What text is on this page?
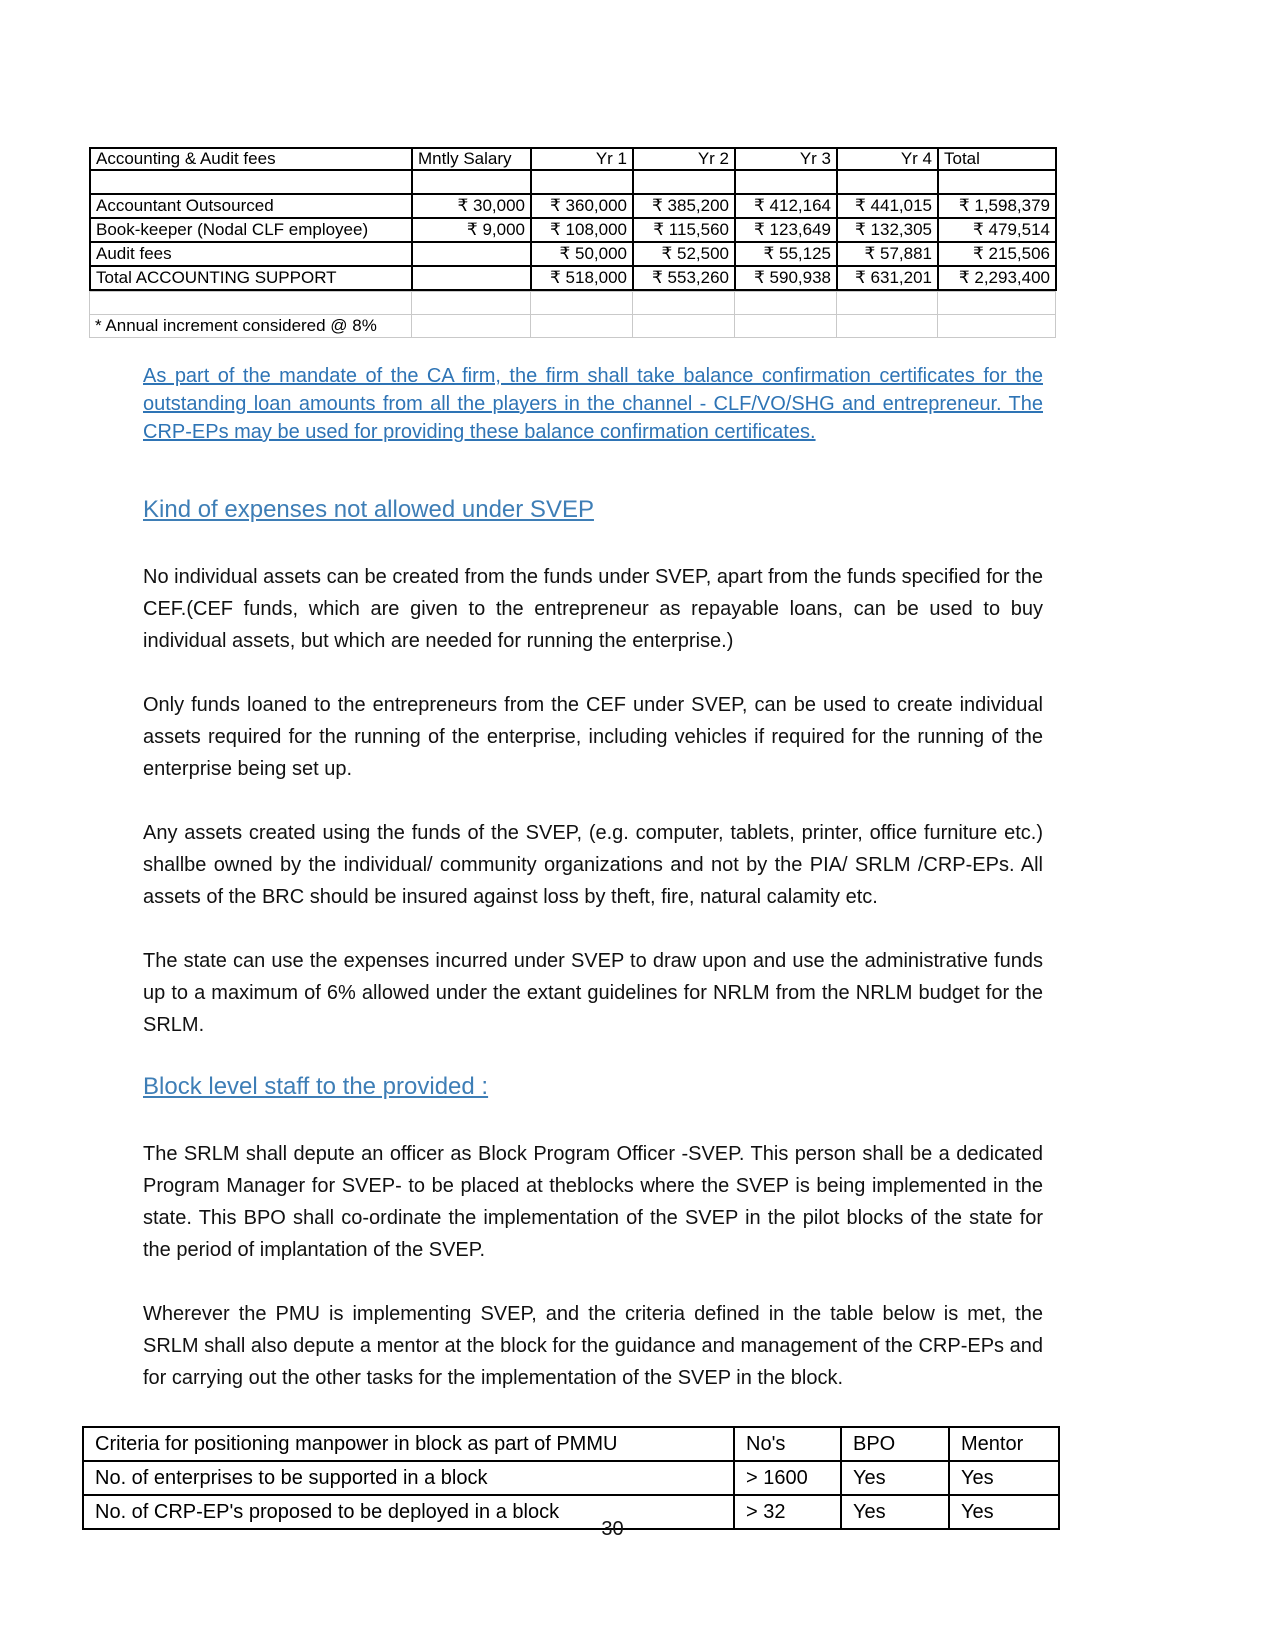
Accounting & Audit fees	Mntly Salary	Yr 1	Yr 2	Yr 3	Yr 4	Total

Accountant Outsourced	₹ 30,000	₹ 360,000	₹ 385,200	₹ 412,164	₹ 441,015	₹ 1,598,379
Book-keeper (Nodal CLF employee)	₹ 9,000	₹ 108,000	₹ 115,560	₹ 123,649	₹ 132,305	₹ 479,514
Audit fees		₹ 50,000	₹ 52,500	₹ 55,125	₹ 57,881	₹ 215,506
Total ACCOUNTING SUPPORT		₹ 518,000	₹ 553,260	₹ 590,938	₹ 631,201	₹ 2,293,400

* Annual increment considered @ 8%						

As part of the mandate of the CA firm, the firm shall take balance confirmation certificates for the outstanding loan amounts from all the players in the channel - CLF/VO/SHG and entrepreneur. The CRP-EPs may be used for providing these balance confirmation certificates.

Kind of expenses not allowed under SVEP

No individual assets can be created from the funds under SVEP, apart from the funds specified for the CEF.(CEF funds, which are given to the entrepreneur as repayable loans, can be used to buy individual assets, but which are needed for running the enterprise.)

Only funds loaned to the entrepreneurs from the CEF under SVEP, can be used to create individual assets required for the running of the enterprise, including vehicles if required for the running of the enterprise being set up.

Any assets created using the funds of the SVEP, (e.g. computer, tablets, printer, office furniture etc.) shallbe owned by the individual/ community organizations and not by the PIA/ SRLM /CRP-EPs. All assets of the BRC should be insured against loss by theft, fire, natural calamity etc.

The state can use the expenses incurred under SVEP to draw upon and use the administrative funds up to a maximum of 6% allowed under the extant guidelines for NRLM from the NRLM budget for the SRLM.

Block level staff to the provided :

The SRLM shall depute an officer as Block Program Officer -SVEP. This person shall be a dedicated Program Manager for SVEP- to be placed at theblocks where the SVEP is being implemented in the state. This BPO shall co-ordinate the implementation of the SVEP in the pilot blocks of the state for the period of implantation of the SVEP.

Wherever the PMU is implementing SVEP, and the criteria defined in the table below is met, the SRLM shall also depute a mentor at the block for the guidance and management of the CRP-EPs and for carrying out the other tasks for the implementation of the SVEP in the block.

Criteria for positioning manpower in block as part of PMMU	No's	BPO	Mentor
No. of enterprises to be supported in a block	> 1600	Yes	Yes
No. of CRP-EP's proposed to be deployed in a block	> 32	Yes	Yes
30
